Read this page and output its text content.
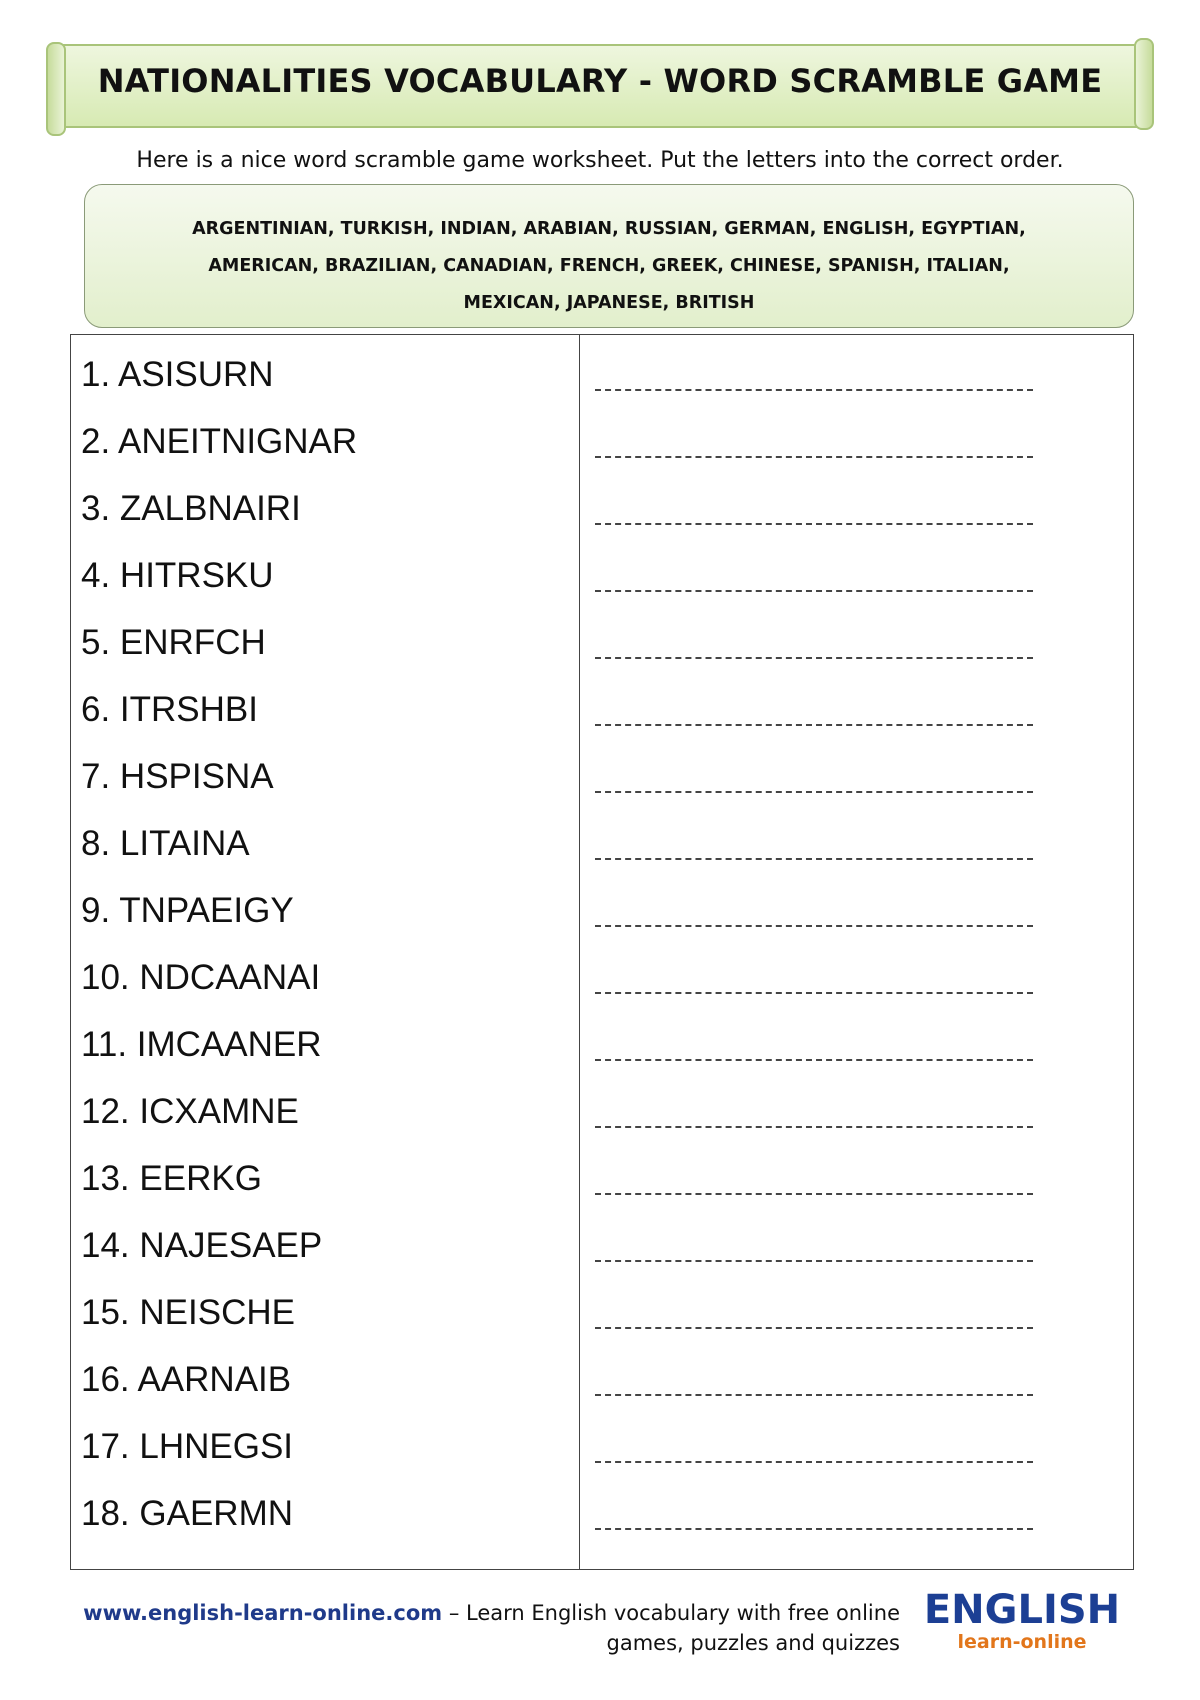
NATIONALITIES VOCABULARY - WORD SCRAMBLE GAME
Here is a nice word scramble game worksheet. Put the letters into the correct order.
ARGENTINIAN, TURKISH, INDIAN, ARABIAN, RUSSIAN, GERMAN, ENGLISH, EGYPTIAN,
AMERICAN, BRAZILIAN, CANADIAN, FRENCH, GREEK, CHINESE, SPANISH, ITALIAN,
MEXICAN, JAPANESE, BRITISH
1. ASISURN
2. ANEITNIGNAR
3. ZALBNAIRI
4. HITRSKU
5. ENRFCH
6. ITRSHBI
7. HSPISNA
8. LITAINA
9. TNPAEIGY
10. NDCAANAI
11. IMCAANER
12. ICXAMNE
13. EERKG
14. NAJESAEP
15. NEISCHE
16. AARNAIB
17. LHNEGSI
18. GAERMN
www.english-learn-online.com – Learn English vocabulary with free online
games, puzzles and quizzes
ENGLISH
learn-online
